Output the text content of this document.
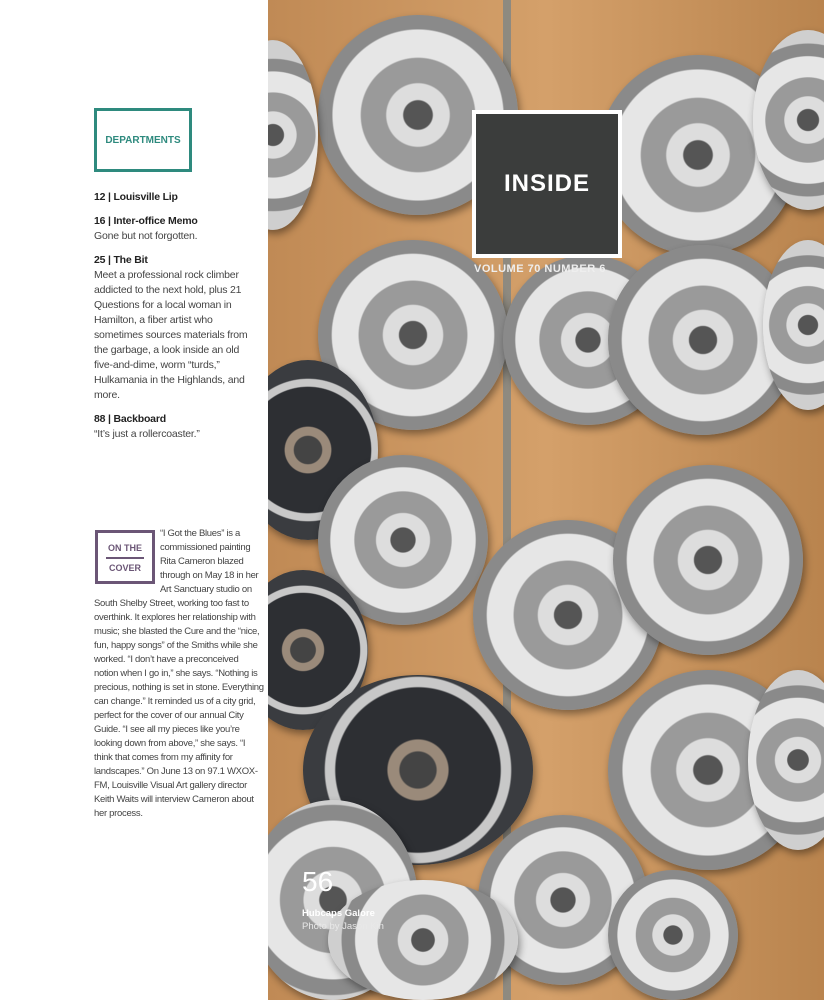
DEPARTMENTS
12 | Louisville Lip
16 | Inter-office Memo
Gone but not forgotten.
25 | The Bit
Meet a professional rock climber addicted to the next hold, plus 21 Questions for a local woman in Hamilton, a fiber artist who sometimes sources materials from the garbage, a look inside an old five-and-dime, worm “turds,” Hulkamania in the Highlands, and more.
88 | Backboard
“It’s just a rollercoaster.”
“I Got the Blues” is a commissioned painting Rita Cameron blazed through on May 18 in her Art Sanctuary studio on South Shelby Street, working too fast to overthink. It explores her relationship with music; she blasted the Cure and the “nice, fun, happy songs” of the Smiths while she worked. “I don’t have a preconceived notion when I go in,” she says. “Nothing is precious, nothing is set in stone. Everything can change.” It reminded us of a city grid, perfect for the cover of our annual City Guide. “I see all my pieces like you’re looking down from above,” she says. “I think that comes from my affinity for landscapes.” On June 13 on 97.1 WXOX-FM, Louisville Visual Art gallery director Keith Waits will interview Cameron about her process.
ON THE
COVER
INSIDE
VOLUME 70 NUMBER 6
56
Hubcaps Galore
Photo by Jason Kin
